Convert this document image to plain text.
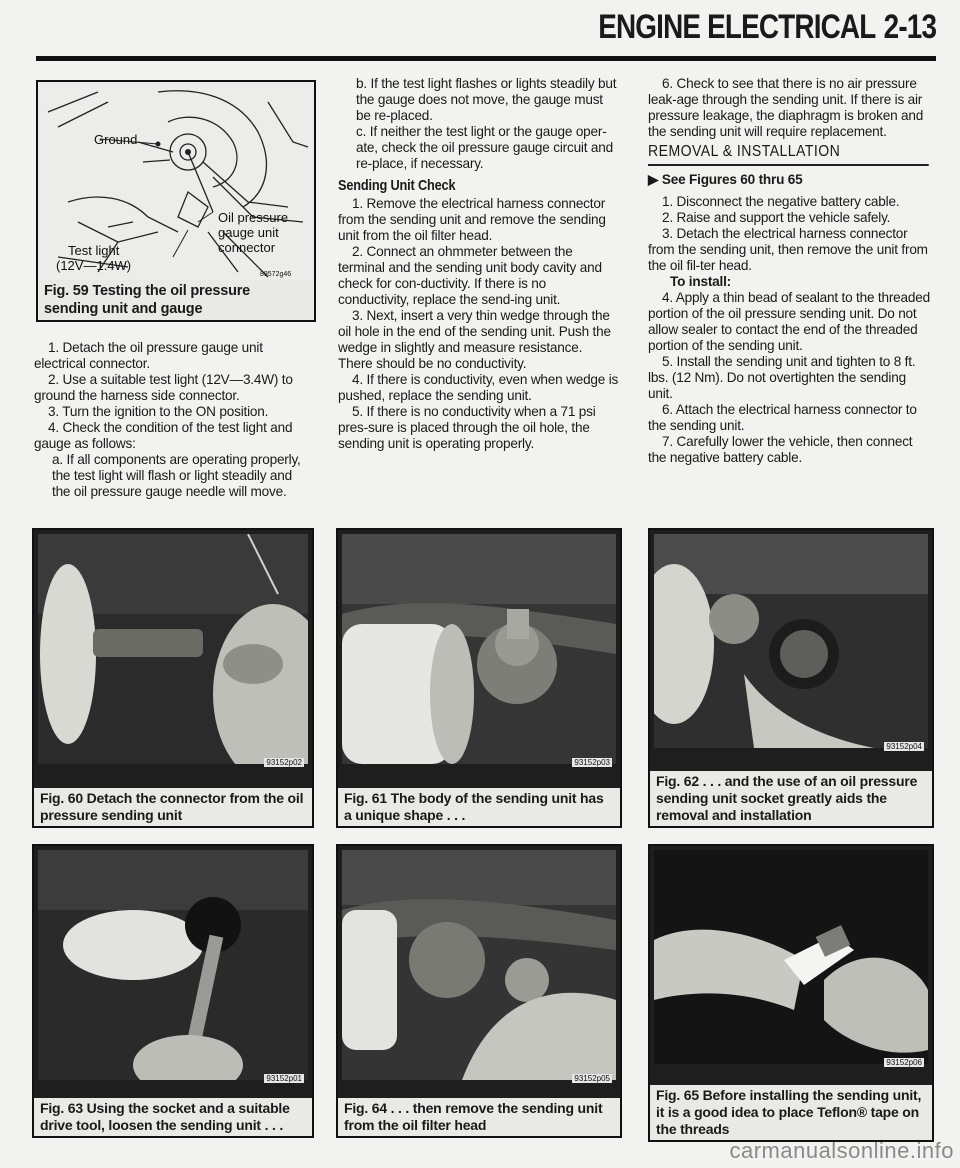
ENGINE ELECTRICAL 2-13
Ground
Oil pressure
gauge unit
connector
Test light
(12V—1.4W)
89572g46
Fig. 59 Testing the oil pressure sending unit and gauge

1. Detach the oil pressure gauge unit electrical connector.

2. Use a suitable test light (12V—3.4W) to ground the harness side connector.

3. Turn the ignition to the ON position.

4. Check the condition of the test light and gauge as follows:

a. If all components are operating properly, the test light will flash or light steadily and the oil pressure gauge needle will move.

b. If the test light flashes or lights steadily but the gauge does not move, the gauge must be re-placed.

c. If neither the test light or the gauge oper-ate, check the oil pressure gauge circuit and re-place, if necessary.

Sending Unit Check

1. Remove the electrical harness connector from the sending unit and remove the sending unit from the oil filter head.

2. Connect an ohmmeter between the terminal and the sending unit body cavity and check for con-ductivity. If there is no conductivity, replace the send-ing unit.

3. Next, insert a very thin wedge through the oil hole in the end of the sending unit. Push the wedge in slightly and measure resistance. There should be no conductivity.

4. If there is conductivity, even when wedge is pushed, replace the sending unit.

5. If there is no conductivity when a 71 psi pres-sure is placed through the oil hole, the sending unit is operating properly.

6. Check to see that there is no air pressure leak-age through the sending unit. If there is air pressure leakage, the diaphragm is broken and the sending unit will require replacement.

REMOVAL & INSTALLATION
▶ See Figures 60 thru 65

1. Disconnect the negative battery cable.

2. Raise and support the vehicle safely.

3. Detach the electrical harness connector from the sending unit, then remove the unit from the oil fil-ter head.

To install:

4. Apply a thin bead of sealant to the threaded portion of the oil pressure sending unit. Do not allow sealer to contact the end of the threaded portion of the sending unit.

5. Install the sending unit and tighten to 8 ft. lbs. (12 Nm). Do not overtighten the sending unit.

6. Attach the electrical harness connector to the sending unit.

7. Carefully lower the vehicle, then connect the negative battery cable.

93152p02
Fig. 60 Detach the connector from the oil pressure sending unit
93152p03
Fig. 61 The body of the sending unit has a unique shape . . .
93152p04
Fig. 62 . . . and the use of an oil pressure sending unit socket greatly aids the removal and installation
93152p01
Fig. 63 Using the socket and a suitable drive tool, loosen the sending unit . . .
93152p05
Fig. 64 . . . then remove the sending unit from the oil filter head
93152p06
Fig. 65 Before installing the sending unit, it is a good idea to place Teflon® tape on the threads
carmanualsonline.info
